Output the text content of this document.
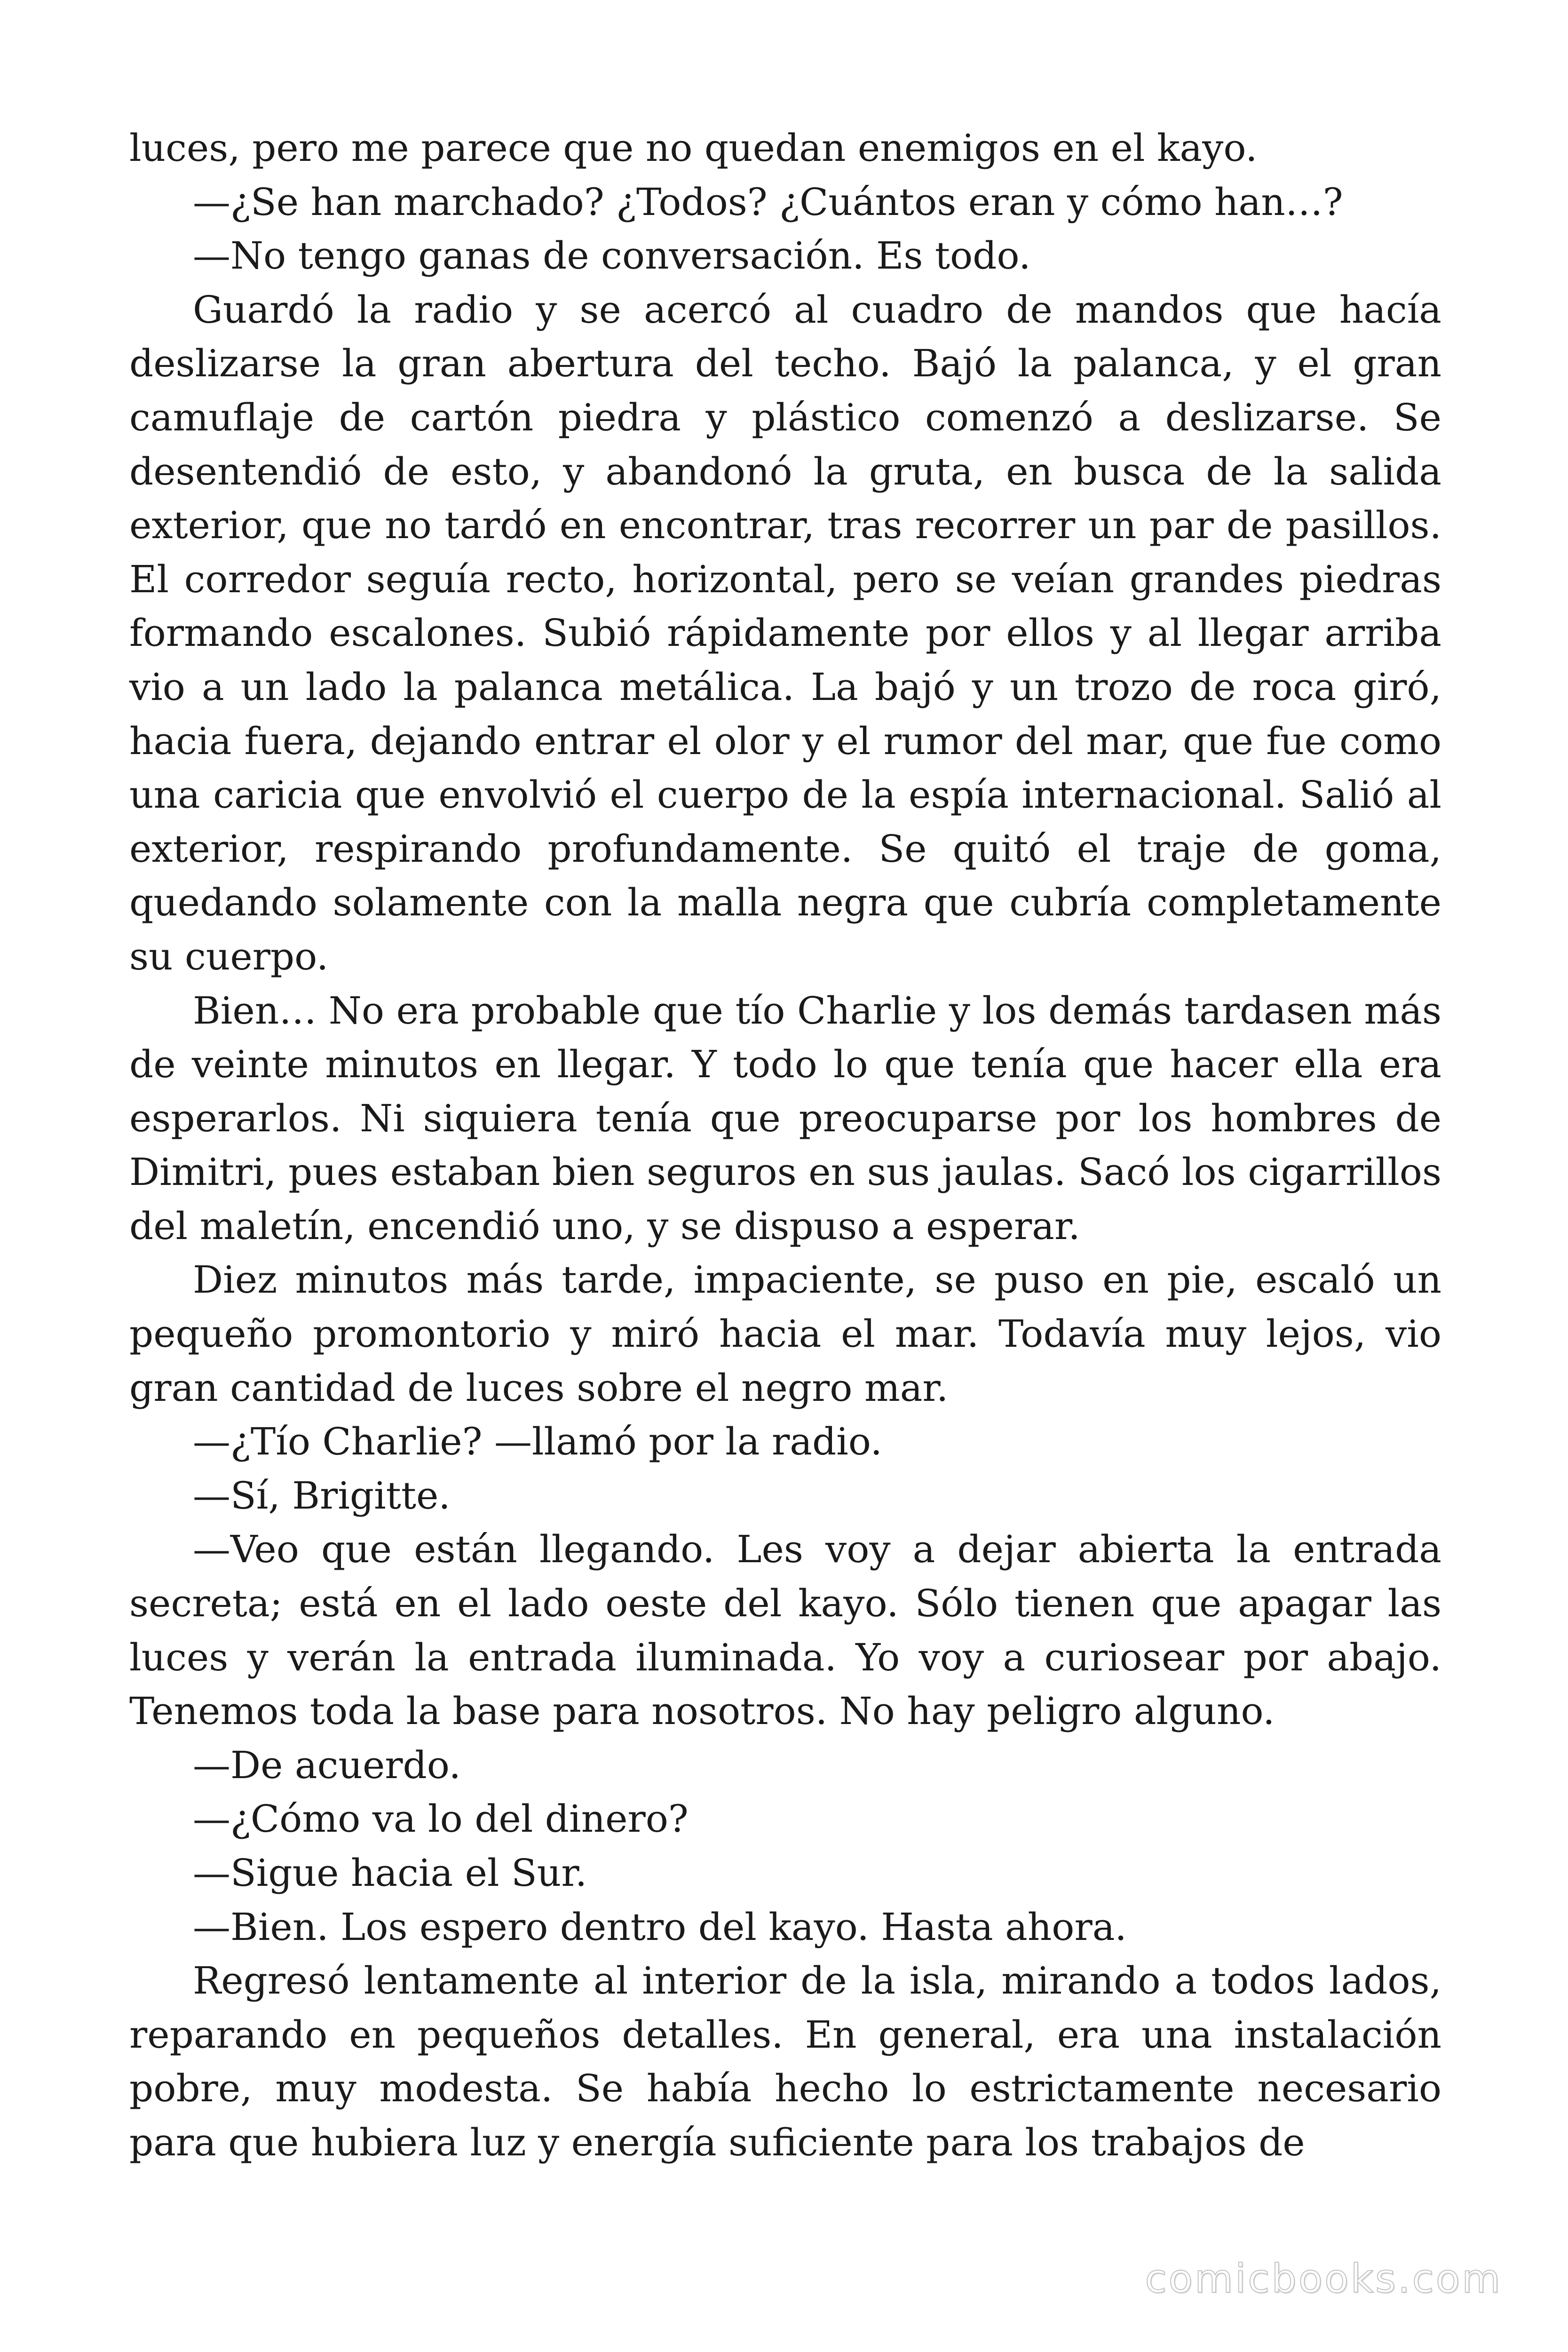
luces, pero me parece que no quedan enemigos en el kayo.

—¿Se han marchado? ¿Todos? ¿Cuántos eran y cómo han…?

—No tengo ganas de conversación. Es todo.

Guardó la radio y se acercó al cuadro de mandos que hacía deslizarse la gran abertura del techo. Bajó la palanca, y el gran camuflaje de cartón piedra y plástico comenzó a deslizarse. Se desentendió de esto, y abandonó la gruta, en busca de la salida exterior, que no tardó en encontrar, tras recorrer un par de pasillos. El corredor seguía recto, horizontal, pero se veían grandes piedras formando escalones. Subió rápidamente por ellos y al llegar arriba vio a un lado la palanca metálica. La bajó y un trozo de roca giró, hacia fuera, dejando entrar el olor y el rumor del mar, que fue como una caricia que envolvió el cuerpo de la espía internacional. Salió al exterior, respirando profundamente. Se quitó el traje de goma, quedando solamente con la malla negra que cubría completamente su cuerpo.

Bien… No era probable que tío Charlie y los demás tardasen más de veinte minutos en llegar. Y todo lo que tenía que hacer ella era esperarlos. Ni siquiera tenía que preocuparse por los hombres de Dimitri, pues estaban bien seguros en sus jaulas. Sacó los cigarrillos del maletín, encendió uno, y se dispuso a esperar.

Diez minutos más tarde, impaciente, se puso en pie, escaló un pequeño promontorio y miró hacia el mar. Todavía muy lejos, vio gran cantidad de luces sobre el negro mar.

—¿Tío Charlie? —llamó por la radio.

—Sí, Brigitte.

—Veo que están llegando. Les voy a dejar abierta la entrada secreta; está en el lado oeste del kayo. Sólo tienen que apagar las luces y verán la entrada iluminada. Yo voy a curiosear por abajo. Tenemos toda la base para nosotros. No hay peligro alguno.

—De acuerdo.

—¿Cómo va lo del dinero?

—Sigue hacia el Sur.

—Bien. Los espero dentro del kayo. Hasta ahora.

Regresó lentamente al interior de la isla, mirando a todos lados, reparando en pequeños detalles. En general, era una instalación pobre, muy modesta. Se había hecho lo estrictamente necesario para que hubiera luz y energía suficiente para los trabajos de

comicbooks.com
